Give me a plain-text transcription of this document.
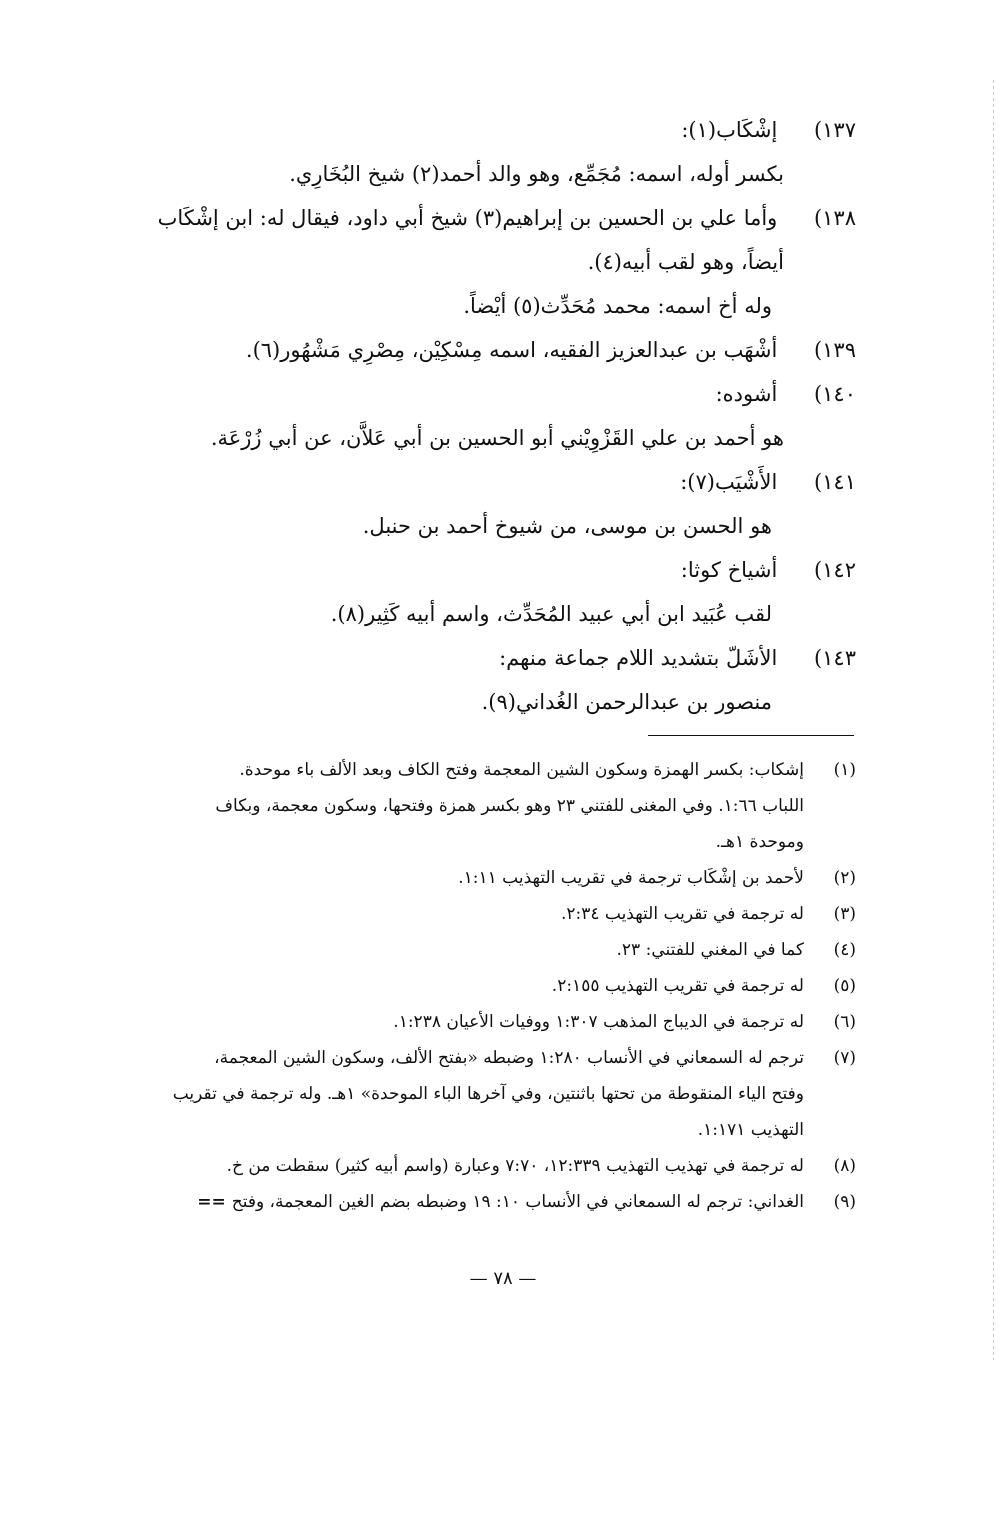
١٣٧) إشْكَاب(١):
بكسر أوله، اسمه: مُجَمِّع، وهو والد أحمد(٢) شيخ البُخَارِي.
١٣٨) وأما علي بن الحسين بن إبراهيم(٣) شيخ أبي داود، فيقال له: ابن إشْكَاب
أيضاً، وهو لقب أبيه(٤).
وله أخ اسمه: محمد مُحَدِّث(٥) أيْضاً.
١٣٩) أشْهَب بن عبدالعزيز الفقيه، اسمه مِسْكِيْن، مِصْرِي مَشْهُور(٦).
١٤٠) أشوده:
هو أحمد بن علي القَزْوِيْني أبو الحسين بن أبي عَلاَّن، عن أبي زُرْعَة.
١٤١) الأَشْيَب(٧):
هو الحسن بن موسى، من شيوخ أحمد بن حنبل.
١٤٢) أشياخ كوثا:
لقب عُبَيد ابن أبي عبيد المُحَدِّث، واسم أبيه كَثِير(٨).
١٤٣) الأشَلّ بتشديد اللام جماعة منهم:
منصور بن عبدالرحمن الغُداني(٩).
(١)إشكاب: بكسر الهمزة وسكون الشين المعجمة وفتح الكاف وبعد الألف باء موحدة.
اللباب ١:٦٦. وفي المغنى للفتني ٢٣ وهو بكسر همزة وفتحها، وسكون معجمة، وبكاف
وموحدة ١هـ.
(٢)لأحمد بن إشْكَاب ترجمة في تقريب التهذيب ١:١١.
(٣)له ترجمة في تقريب التهذيب ٢:٣٤.
(٤)كما في المغني للفتني: ٢٣.
(٥)له ترجمة في تقريب التهذيب ٢:١٥٥.
(٦)له ترجمة في الديباج المذهب ١:٣٠٧ ووفيات الأعيان ١:٢٣٨.
(٧)ترجم له السمعاني في الأنساب ١:٢٨٠ وضبطه «بفتح الألف، وسكون الشين المعجمة،
وفتح الياء المنقوطة من تحتها باثنتين، وفي آخرها الباء الموحدة» ١هـ. وله ترجمة في تقريب
التهذيب ١:١٧١.
(٨)له ترجمة في تهذيب التهذيب ١٢:٣٣٩، ٧:٧٠ وعبارة (واسم أبيه كثير) سقطت من خ.
(٩)الغداني: ترجم له السمعاني في الأنساب ١٠: ١٩ وضبطه بضم الغين المعجمة، وفتح==
— ٧٨ —
